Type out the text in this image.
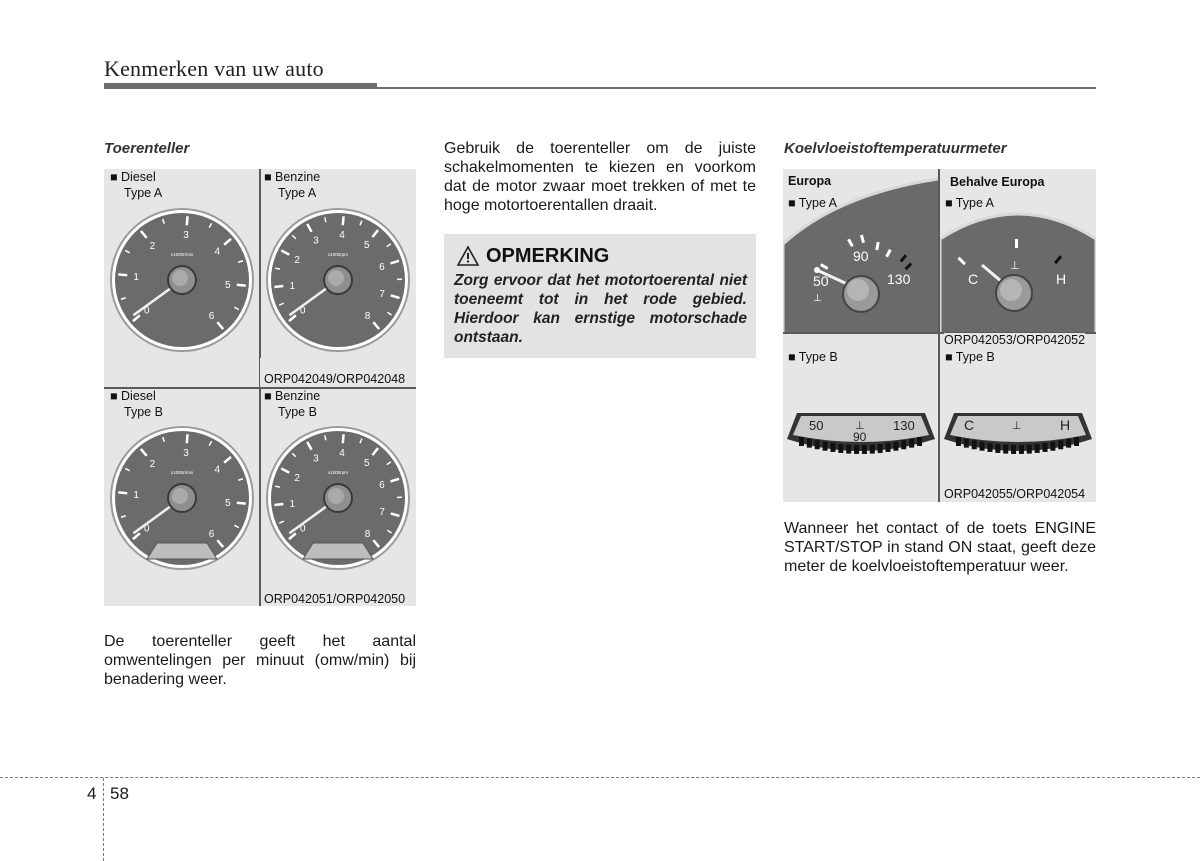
Kenmerken van uw auto
Toerenteller
■ Diesel
Type A
■ Benzine
Type A
■ Diesel
Type B
■ Benzine
Type B
0
1
2
3
4
5
6
x1000r/min
0
1
2
3 4
5
6
7
8
x1000rpm
0
1
2
3
4
5
6
x1000r/min
0
1
2
3 4
5
6
7
8
x1000rpm
ORP042049/ORP042048
ORP042051/ORP042050
De toerenteller geeft het aantal omwentelingen per minuut (omw/min) bij benadering weer.
Gebruik de toerenteller om de juiste schakelmomenten te kiezen en voorkom dat de motor zwaar moet trekken of met te hoge motortoerentallen draait.
OPMERKING
Zorg ervoor dat het motortoerental niet toeneemt tot in het rode gebied. Hierdoor kan ernstige motorschade ontstaan.
Koelvloeistoftemperatuurmeter
90
50	130
⊥
C	H
⊥
Europa	Behalve Europa
■ Type A	■ Type A
ORP042053/ORP042052
■ Type B	■ Type B
50	130
90
⊥	C	H
⊥
ORP042055/ORP042054
Wanneer het contact of de toets ENGINE START/STOP in stand ON staat, geeft deze meter de koelvloeistoftemperatuur weer.
4 58
